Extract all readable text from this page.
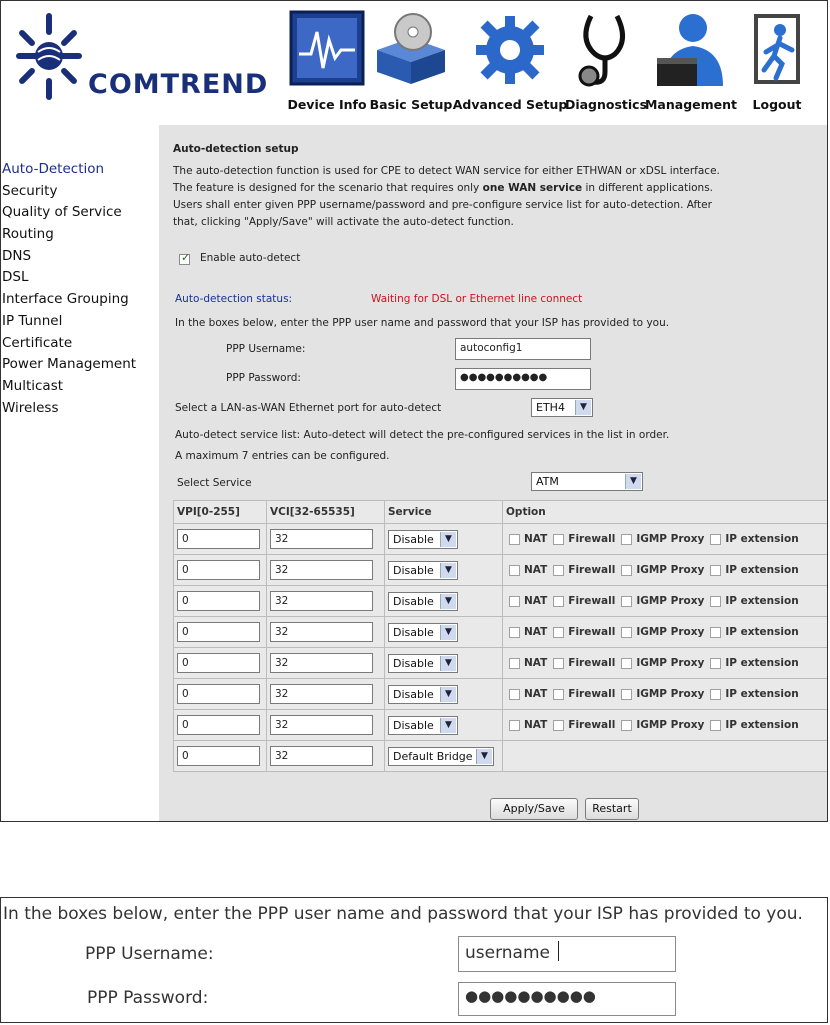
COMTREND
Device Info Basic Setup Advanced Setup
Diagnostics
Management Logout
Auto-Detection
Security
Quality of Service
Routing
DNS
DSL
Interface Grouping
IP Tunnel
Certificate
Power Management
Multicast
Wireless
Auto-detection setup
The auto-detection function is used for CPE to detect WAN service for either ETHWAN or xDSL interface.
The feature is designed for the scenario that requires only one WAN service in different applications.
Users shall enter given PPP username/password and pre-configure service list for auto-detection. After
that, clicking "Apply/Save" will activate the auto-detect function.
✓
Enable auto-detect
Auto-detection status:	Waiting for DSL or Ethernet line connect
In the boxes below, enter the PPP user name and password that your ISP has provided to you.
PPP Username:	autoconfig1
PPP Password:	●●●●●●●●●●
Select a LAN-as-WAN Ethernet port for auto-detect	ETH4	▼
Auto-detect service list: Auto-detect will detect the pre-configured services in the list in order.
A maximum 7 entries can be configured.
Select Service	ATM	▼
VPI[0-255]	VCI[32-65535]	Service	Option

0	32	Disable ▼	NAT Firewall IGMP Proxy IP extension

0	32	Disable ▼	NAT Firewall IGMP Proxy IP extension

0	32	Disable ▼	NAT Firewall IGMP Proxy IP extension

0	32	Disable ▼	NAT Firewall IGMP Proxy IP extension

0	32	Disable ▼	NAT Firewall IGMP Proxy IP extension

0	32	Disable ▼	NAT Firewall IGMP Proxy IP extension

0	32	Disable ▼	NAT Firewall IGMP Proxy IP extension

0	32	Default Bridge ▼	

Apply/Save	Restart
In the boxes below, enter the PPP user name and password that your ISP has provided to you.
PPP Username:	username
PPP Password:	●●●●●●●●●●
